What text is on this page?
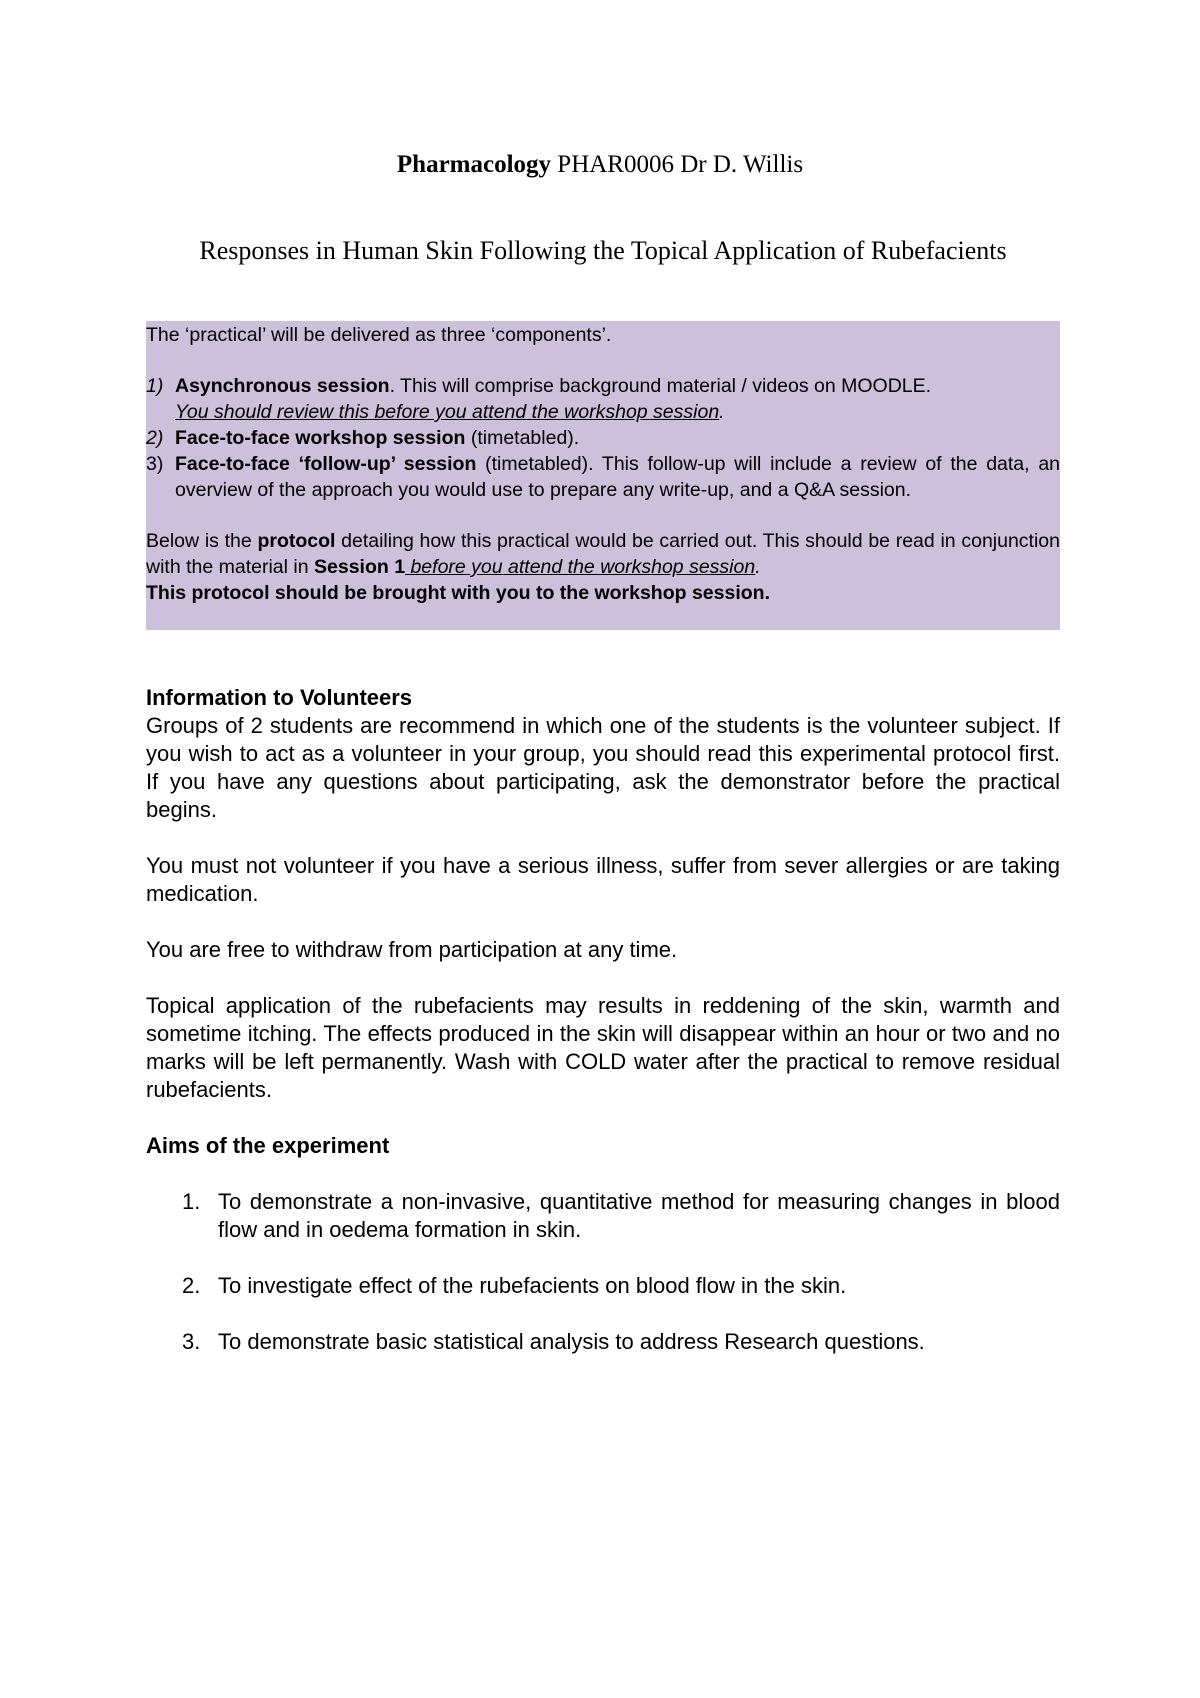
Pharmacology PHAR0006 Dr D. Willis
Responses in Human Skin Following the Topical Application of Rubefacients

The ‘practical’ will be delivered as three ‘components’.

1) Asynchronous session. This will comprise background material / videos on MOODLE.
You should review this before you attend the workshop session.
2) Face-to-face workshop session (timetabled).
3) Face-to-face ‘follow-up’ session (timetabled). This follow-up will include a review of the data, an overview of the approach you would use to prepare any write-up, and a Q&A session.

Below is the protocol detailing how this practical would be carried out. This should be read in conjunction with the material in Session 1 before you attend the workshop session.

This protocol should be brought with you to the workshop session.

Information to Volunteers

Groups of 2 students are recommend in which one of the students is the volunteer subject. If you wish to act as a volunteer in your group, you should read this experimental protocol first. If you have any questions about participating, ask the demonstrator before the practical begins.

You must not volunteer if you have a serious illness, suffer from sever allergies or are taking medication.

You are free to withdraw from participation at any time.

Topical application of the rubefacients may results in reddening of the skin, warmth and sometime itching. The effects produced in the skin will disappear within an hour or two and no marks will be left permanently. Wash with COLD water after the practical to remove residual rubefacients.

Aims of the experiment
1. To demonstrate a non-invasive, quantitative method for measuring changes in blood flow and in oedema formation in skin.
2. To investigate effect of the rubefacients on blood flow in the skin.
3. To demonstrate basic statistical analysis to address Research questions.
